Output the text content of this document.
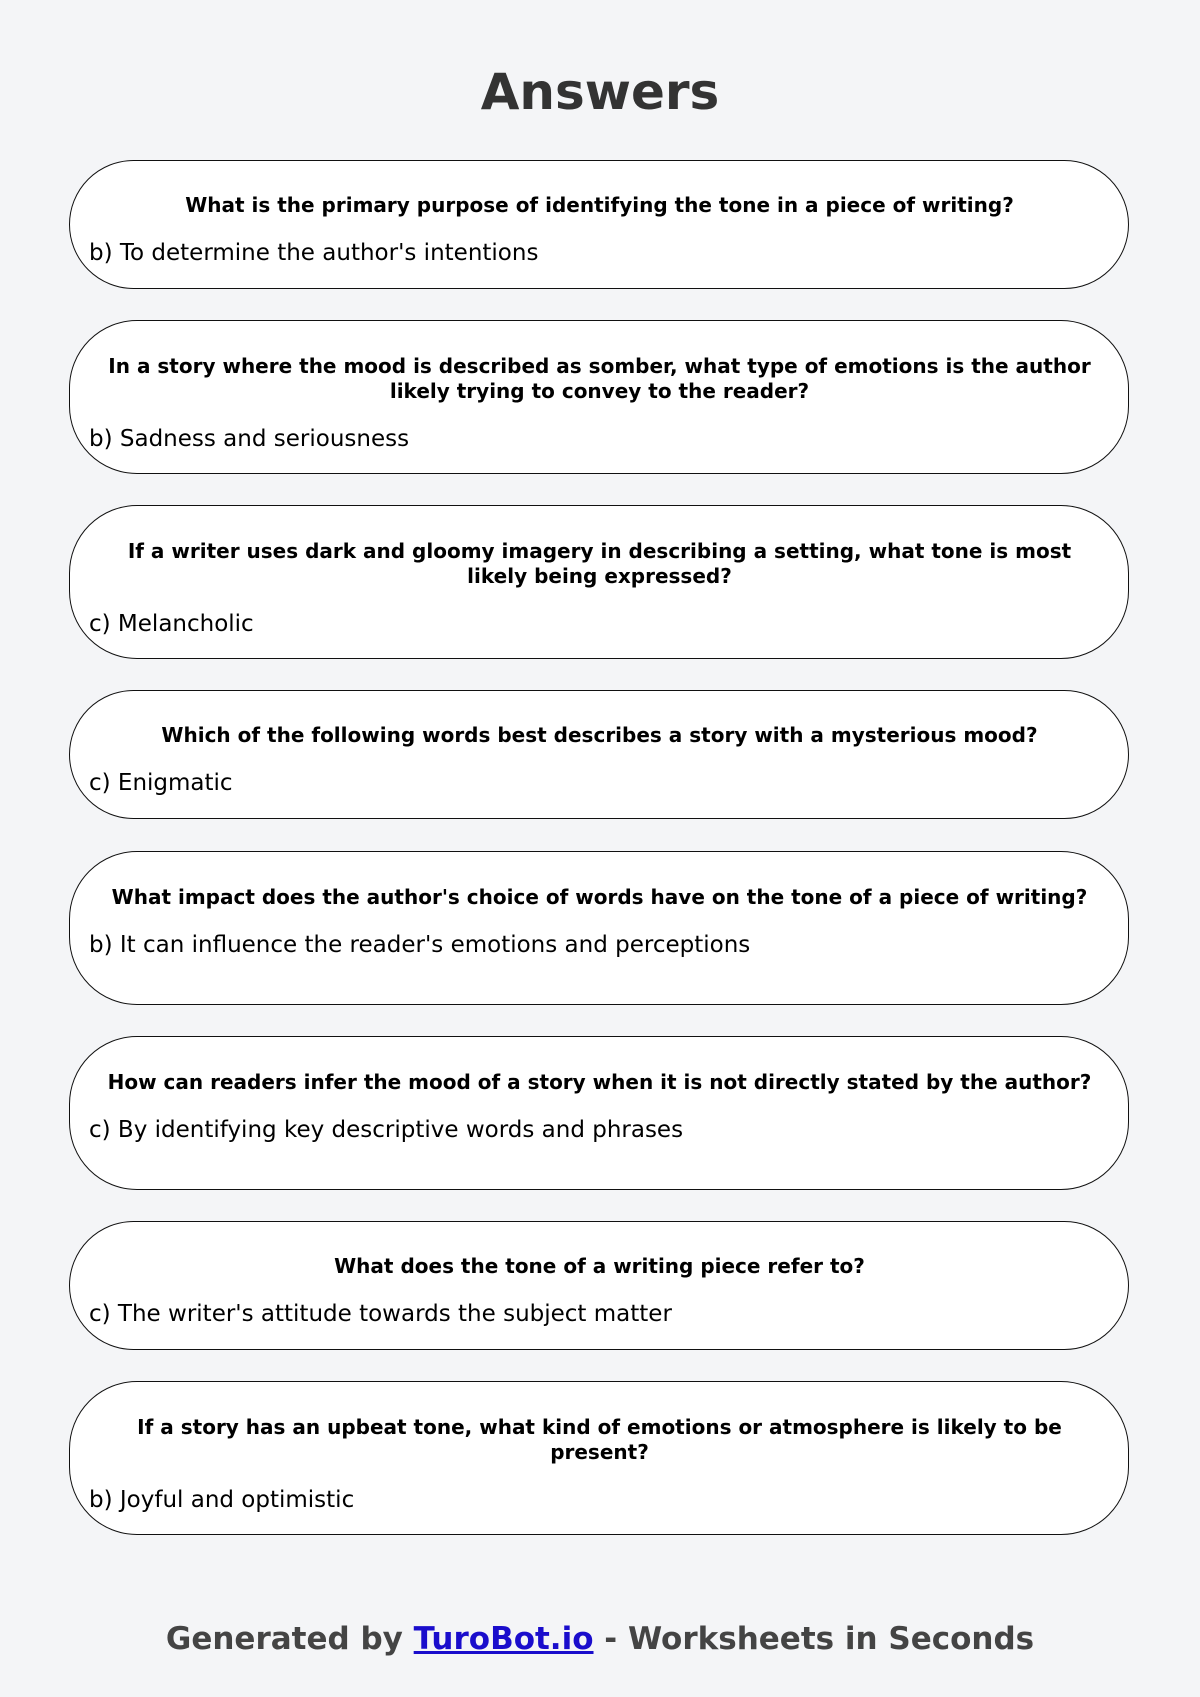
Answers
What is the primary purpose of identifying the tone in a piece of writing?
b) To determine the author's intentions
In a story where the mood is described as somber, what type of emotions is the author likely trying to convey to the reader?
b) Sadness and seriousness
If a writer uses dark and gloomy imagery in describing a setting, what tone is most likely being expressed?
c) Melancholic
Which of the following words best describes a story with a mysterious mood?
c) Enigmatic
What impact does the author's choice of words have on the tone of a piece of writing?
b) It can influence the reader's emotions and perceptions
How can readers infer the mood of a story when it is not directly stated by the author?
c) By identifying key descriptive words and phrases
What does the tone of a writing piece refer to?
c) The writer's attitude towards the subject matter
If a story has an upbeat tone, what kind of emotions or atmosphere is likely to be present?
b) Joyful and optimistic
Generated by TuroBot.io - Worksheets in Seconds
